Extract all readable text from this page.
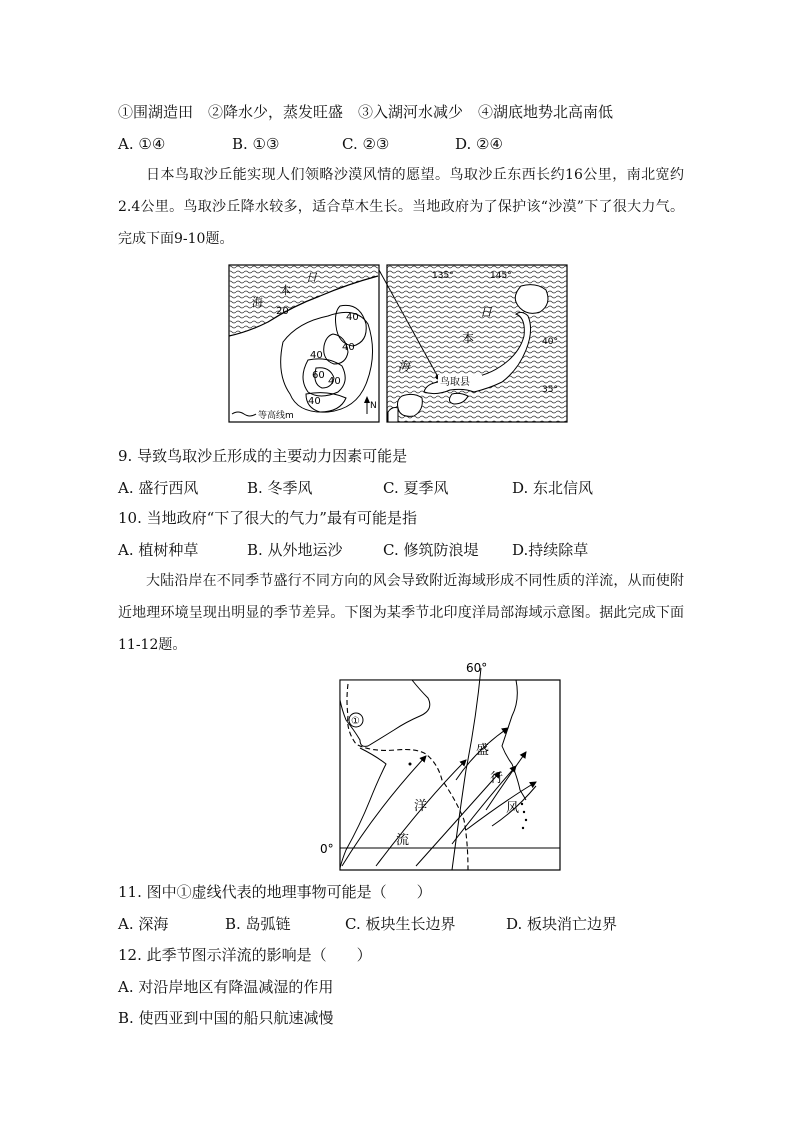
①围湖造田　②降水少，蒸发旺盛　③入湖河水减少　④湖底地势北高南低
A. ①④	B. ①③	C. ②③	D. ②④
日本鸟取沙丘能实现人们领略沙漠风情的愿望。鸟取沙丘东西长约16公里，南北宽约2.4公里。鸟取沙丘降水较多，适合草木生长。当地政府为了保护该“沙漠”下了很大力气。完成下面9-10题。
日
本
海
20
40
40
40
60
40
40
等高线m
N
135°	145°
日
本
海
40°
35°
鸟取县
9. 导致鸟取沙丘形成的主要动力因素可能是
A. 盛行西风	B. 冬季风	C. 夏季风	D. 东北信风
10. 当地政府“下了很大的气力”最有可能是指
A. 植树种草	B. 从外地运沙	C. 修筑防浪堤 D.持续除草
大陆沿岸在不同季节盛行不同方向的风会导致附近海域形成不同性质的洋流，从而使附近地理环境呈现出明显的季节差异。下图为某季节北印度洋局部海域示意图。据此完成下面11-12题。
①
60°
0°
盛
行
风
洋
流
11. 图中①虚线代表的地理事物可能是（　　）
A. 深海	B. 岛弧链	C. 板块生长边界	D. 板块消亡边界
12. 此季节图示洋流的影响是（　　）
A. 对沿岸地区有降温减湿的作用
B. 使西亚到中国的船只航速减慢
